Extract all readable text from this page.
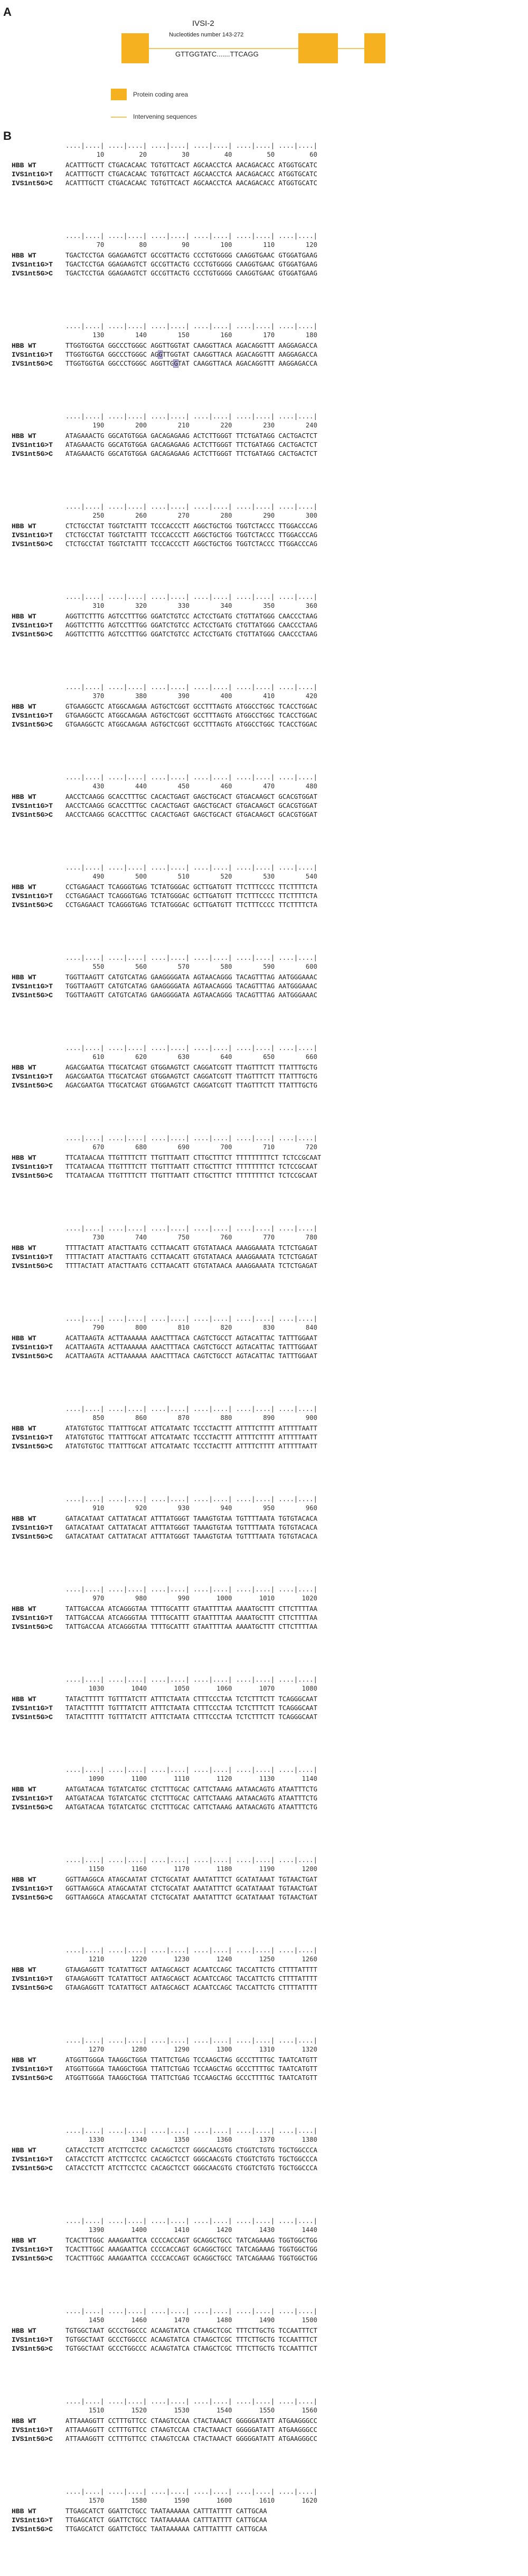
A
IVSI-2
Nucleotides number 143-272
GTTGGTATC.......TTCAGG
Protein coding area
Intervening sequences
B
....|....| ....|....| ....|....| ....|....| ....|....| ....|....|
10         20         30         40         50         60
HBB WT	ACATTTGCTT CTGACACAAC TGTGTTCACT AGCAACCTCA AACAGACACC ATGGTGCATC
IVS1nt1G>T ACATTTGCTT CTGACACAAC TGTGTTCACT AGCAACCTCA AACAGACACC ATGGTGCATC
IVS1nt5G>C ACATTTGCTT CTGACACAAC TGTGTTCACT AGCAACCTCA AACAGACACC ATGGTGCATC
....|....| ....|....| ....|....| ....|....| ....|....| ....|....|
70         80         90        100        110        120
HBB WT	TGACTCCTGA GGAGAAGTCT GCCGTTACTG CCCTGTGGGG CAAGGTGAAC GTGGATGAAG
IVS1nt1G>T TGACTCCTGA GGAGAAGTCT GCCGTTACTG CCCTGTGGGG CAAGGTGAAC GTGGATGAAG
IVS1nt5G>C TGACTCCTGA GGAGAAGTCT GCCGTTACTG CCCTGTGGGG CAAGGTGAAC GTGGATGAAG
....|....| ....|....| ....|....| ....|....| ....|....| ....|....|
130        140        150        160        170        180
HBB WT	TTGGTGGTGA GGCCCTGGGC AGGTTGGTAT CAAGGTTACA AGACAGGTTT AAGGAGACCA
IVS1nt1G>T TTGGTGGTGA GGCCCTGGGC AGGTTGGTAT CAAGGTTACA AGACAGGTTT AAGGAGACCA
IVS1nt5G>C TTGGTGGTGA GGCCCTGGGC AGGTTGGTAT CAAGGTTACA AGACAGGTTT AAGGAGACCA
....|....| ....|....| ....|....| ....|....| ....|....| ....|....|
190        200        210        220        230        240
HBB WT	ATAGAAACTG GGCATGTGGA GACAGAGAAG ACTCTTGGGT TTCTGATAGG CACTGACTCT
IVS1nt1G>T ATAGAAACTG GGCATGTGGA GACAGAGAAG ACTCTTGGGT TTCTGATAGG CACTGACTCT
IVS1nt5G>C ATAGAAACTG GGCATGTGGA GACAGAGAAG ACTCTTGGGT TTCTGATAGG CACTGACTCT
....|....| ....|....| ....|....| ....|....| ....|....| ....|....|
250        260        270        280        290        300
HBB WT	CTCTGCCTAT TGGTCTATTT TCCCACCCTT AGGCTGCTGG TGGTCTACCC TTGGACCCAG
IVS1nt1G>T CTCTGCCTAT TGGTCTATTT TCCCACCCTT AGGCTGCTGG TGGTCTACCC TTGGACCCAG
IVS1nt5G>C CTCTGCCTAT TGGTCTATTT TCCCACCCTT AGGCTGCTGG TGGTCTACCC TTGGACCCAG
....|....| ....|....| ....|....| ....|....| ....|....| ....|....|
310        320        330        340        350        360
HBB WT	AGGTTCTTTG AGTCCTTTGG GGATCTGTCC ACTCCTGATG CTGTTATGGG CAACCCTAAG
IVS1nt1G>T AGGTTCTTTG AGTCCTTTGG GGATCTGTCC ACTCCTGATG CTGTTATGGG CAACCCTAAG
IVS1nt5G>C AGGTTCTTTG AGTCCTTTGG GGATCTGTCC ACTCCTGATG CTGTTATGGG CAACCCTAAG
....|....| ....|....| ....|....| ....|....| ....|....| ....|....|
370        380        390        400        410        420
HBB WT	GTGAAGGCTC ATGGCAAGAA AGTGCTCGGT GCCTTTAGTG ATGGCCTGGC TCACCTGGAC
IVS1nt1G>T GTGAAGGCTC ATGGCAAGAA AGTGCTCGGT GCCTTTAGTG ATGGCCTGGC TCACCTGGAC
IVS1nt5G>C GTGAAGGCTC ATGGCAAGAA AGTGCTCGGT GCCTTTAGTG ATGGCCTGGC TCACCTGGAC
....|....| ....|....| ....|....| ....|....| ....|....| ....|....|
430        440        450        460        470        480
HBB WT	AACCTCAAGG GCACCTTTGC CACACTGAGT GAGCTGCACT GTGACAAGCT GCACGTGGAT
IVS1nt1G>T AACCTCAAGG GCACCTTTGC CACACTGAGT GAGCTGCACT GTGACAAGCT GCACGTGGAT
IVS1nt5G>C AACCTCAAGG GCACCTTTGC CACACTGAGT GAGCTGCACT GTGACAAGCT GCACGTGGAT
....|....| ....|....| ....|....| ....|....| ....|....| ....|....|
490        500        510        520        530        540
HBB WT	CCTGAGAACT TCAGGGTGAG TCTATGGGAC GCTTGATGTT TTCTTTCCCC TTCTTTTCTA
IVS1nt1G>T CCTGAGAACT TCAGGGTGAG TCTATGGGAC GCTTGATGTT TTCTTTCCCC TTCTTTTCTA
IVS1nt5G>C CCTGAGAACT TCAGGGTGAG TCTATGGGAC GCTTGATGTT TTCTTTCCCC TTCTTTTCTA
....|....| ....|....| ....|....| ....|....| ....|....| ....|....|
550        560        570        580        590        600
HBB WT	TGGTTAAGTT CATGTCATAG GAAGGGGATA AGTAACAGGG TACAGTTTAG AATGGGAAAC
IVS1nt1G>T TGGTTAAGTT CATGTCATAG GAAGGGGATA AGTAACAGGG TACAGTTTAG AATGGGAAAC
IVS1nt5G>C TGGTTAAGTT CATGTCATAG GAAGGGGATA AGTAACAGGG TACAGTTTAG AATGGGAAAC
....|....| ....|....| ....|....| ....|....| ....|....| ....|....|
610        620        630        640        650        660
HBB WT	AGACGAATGA TTGCATCAGT GTGGAAGTCT CAGGATCGTT TTAGTTTCTT TTATTTGCTG
IVS1nt1G>T AGACGAATGA TTGCATCAGT GTGGAAGTCT CAGGATCGTT TTAGTTTCTT TTATTTGCTG
IVS1nt5G>C AGACGAATGA TTGCATCAGT GTGGAAGTCT CAGGATCGTT TTAGTTTCTT TTATTTGCTG
....|....| ....|....| ....|....| ....|....| ....|....| ....|....|
670        680        690        700        710        720
HBB WT	TTCATAACAA TTGTTTTCTT TTGTTTAATT CTTGCTTTCT TTTTTTTTTCT TCTCCGCAAT
IVS1nt1G>T TTCATAACAA TTGTTTTCTT TTGTTTAATT CTTGCTTTCT TTTTTTTTCT TCTCCGCAAT
IVS1nt5G>C TTCATAACAA TTGTTTTCTT TTGTTTAATT CTTGCTTTCT TTTTTTTTCT TCTCCGCAAT
....|....| ....|....| ....|....| ....|....| ....|....| ....|....|
730        740        750        760        770        780
HBB WT	TTTTACTATT ATACTTAATG CCTTAACATT GTGTATAACA AAAGGAAATA TCTCTGAGAT
IVS1nt1G>T TTTTACTATT ATACTTAATG CCTTAACATT GTGTATAACA AAAGGAAATA TCTCTGAGAT
IVS1nt5G>C TTTTACTATT ATACTTAATG CCTTAACATT GTGTATAACA AAAGGAAATA TCTCTGAGAT
....|....| ....|....| ....|....| ....|....| ....|....| ....|....|
790        800        810        820        830        840
HBB WT	ACATTAAGTA ACTTAAAAAA AAACTTTACA CAGTCTGCCT AGTACATTAC TATTTGGAAT
IVS1nt1G>T ACATTAAGTA ACTTAAAAAA AAACTTTACA CAGTCTGCCT AGTACATTAC TATTTGGAAT
IVS1nt5G>C ACATTAAGTA ACTTAAAAAA AAACTTTACA CAGTCTGCCT AGTACATTAC TATTTGGAAT
....|....| ....|....| ....|....| ....|....| ....|....| ....|....|
850        860        870        880        890        900
HBB WT	ATATGTGTGC TTATTTGCAT ATTCATAATC TCCCTACTTT ATTTTCTTTT ATTTTTAATT
IVS1nt1G>T ATATGTGTGC TTATTTGCAT ATTCATAATC TCCCTACTTT ATTTTCTTTT ATTTTTAATT
IVS1nt5G>C ATATGTGTGC TTATTTGCAT ATTCATAATC TCCCTACTTT ATTTTCTTTT ATTTTTAATT
....|....| ....|....| ....|....| ....|....| ....|....| ....|....|
910        920        930        940        950        960
HBB WT	GATACATAAT CATTATACAT ATTTATGGGT TAAAGTGTAA TGTTTTAATA TGTGTACACA
IVS1nt1G>T GATACATAAT CATTATACAT ATTTATGGGT TAAAGTGTAA TGTTTTAATA TGTGTACACA
IVS1nt5G>C GATACATAAT CATTATACAT ATTTATGGGT TAAAGTGTAA TGTTTTAATA TGTGTACACA
....|....| ....|....| ....|....| ....|....| ....|....| ....|....|
970        980        990       1000       1010       1020
HBB WT	TATTGACCAA ATCAGGGTAA TTTTGCATTT GTAATTTTAA AAAATGCTTT CTTCTTTTAA
IVS1nt1G>T TATTGACCAA ATCAGGGTAA TTTTGCATTT GTAATTTTAA AAAATGCTTT CTTCTTTTAA
IVS1nt5G>C TATTGACCAA ATCAGGGTAA TTTTGCATTT GTAATTTTAA AAAATGCTTT CTTCTTTTAA
....|....| ....|....| ....|....| ....|....| ....|....| ....|....|
1030       1040       1050       1060       1070       1080
HBB WT	TATACTTTTT TGTTTATCTT ATTTCTAATA CTTTCCCTAA TCTCTTTCTT TCAGGGCAAT
IVS1nt1G>T TATACTTTTT TGTTTATCTT ATTTCTAATA CTTTCCCTAA TCTCTTTCTT TCAGGGCAAT
IVS1nt5G>C TATACTTTTT TGTTTATCTT ATTTCTAATA CTTTCCCTAA TCTCTTTCTT TCAGGGCAAT
....|....| ....|....| ....|....| ....|....| ....|....| ....|....|
1090       1100       1110       1120       1130       1140
HBB WT	AATGATACAA TGTATCATGC CTCTTTGCAC CATTCTAAAG AATAACAGTG ATAATTTCTG
IVS1nt1G>T AATGATACAA TGTATCATGC CTCTTTGCAC CATTCTAAAG AATAACAGTG ATAATTTCTG
IVS1nt5G>C AATGATACAA TGTATCATGC CTCTTTGCAC CATTCTAAAG AATAACAGTG ATAATTTCTG
....|....| ....|....| ....|....| ....|....| ....|....| ....|....|
1150       1160       1170       1180       1190       1200
HBB WT	GGTTAAGGCA ATAGCAATAT CTCTGCATAT AAATATTTCT GCATATAAAT TGTAACTGAT
IVS1nt1G>T GGTTAAGGCA ATAGCAATAT CTCTGCATAT AAATATTTCT GCATATAAAT TGTAACTGAT
IVS1nt5G>C GGTTAAGGCA ATAGCAATAT CTCTGCATAT AAATATTTCT GCATATAAAT TGTAACTGAT
....|....| ....|....| ....|....| ....|....| ....|....| ....|....|
1210       1220       1230       1240       1250       1260
HBB WT	GTAAGAGGTT TCATATTGCT AATAGCAGCT ACAATCCAGC TACCATTCTG CTTTTATTTT
IVS1nt1G>T GTAAGAGGTT TCATATTGCT AATAGCAGCT ACAATCCAGC TACCATTCTG CTTTTATTTT
IVS1nt5G>C GTAAGAGGTT TCATATTGCT AATAGCAGCT ACAATCCAGC TACCATTCTG CTTTTATTTT
....|....| ....|....| ....|....| ....|....| ....|....| ....|....|
1270       1280       1290       1300       1310       1320
HBB WT	ATGGTTGGGA TAAGGCTGGA TTATTCTGAG TCCAAGCTAG GCCCTTTTGC TAATCATGTT
IVS1nt1G>T ATGGTTGGGA TAAGGCTGGA TTATTCTGAG TCCAAGCTAG GCCCTTTTGC TAATCATGTT
IVS1nt5G>C ATGGTTGGGA TAAGGCTGGA TTATTCTGAG TCCAAGCTAG GCCCTTTTGC TAATCATGTT
....|....| ....|....| ....|....| ....|....| ....|....| ....|....|
1330       1340       1350       1360       1370       1380
HBB WT	CATACCTCTT ATCTTCCTCC CACAGCTCCT GGGCAACGTG CTGGTCTGTG TGCTGGCCCA
IVS1nt1G>T CATACCTCTT ATCTTCCTCC CACAGCTCCT GGGCAACGTG CTGGTCTGTG TGCTGGCCCA
IVS1nt5G>C CATACCTCTT ATCTTCCTCC CACAGCTCCT GGGCAACGTG CTGGTCTGTG TGCTGGCCCA
....|....| ....|....| ....|....| ....|....| ....|....| ....|....|
1390       1400       1410       1420       1430       1440
HBB WT	TCACTTTGGC AAAGAATTCA CCCCACCAGT GCAGGCTGCC TATCAGAAAG TGGTGGCTGG
IVS1nt1G>T TCACTTTGGC AAAGAATTCA CCCCACCAGT GCAGGCTGCC TATCAGAAAG TGGTGGCTGG
IVS1nt5G>C TCACTTTGGC AAAGAATTCA CCCCACCAGT GCAGGCTGCC TATCAGAAAG TGGTGGCTGG
....|....| ....|....| ....|....| ....|....| ....|....| ....|....|
1450       1460       1470       1480       1490       1500
HBB WT	TGTGGCTAAT GCCCTGGCCC ACAAGTATCA CTAAGCTCGC TTTCTTGCTG TCCAATTTCT
IVS1nt1G>T TGTGGCTAAT GCCCTGGCCC ACAAGTATCA CTAAGCTCGC TTTCTTGCTG TCCAATTTCT
IVS1nt5G>C TGTGGCTAAT GCCCTGGCCC ACAAGTATCA CTAAGCTCGC TTTCTTGCTG TCCAATTTCT
....|....| ....|....| ....|....| ....|....| ....|....| ....|....|
1510       1520       1530       1540       1550       1560
HBB WT	ATTAAAGGTT CCTTTGTTCC CTAAGTCCAA CTACTAAACT GGGGGATATT ATGAAGGGCC
IVS1nt1G>T ATTAAAGGTT CCTTTGTTCC CTAAGTCCAA CTACTAAACT GGGGGATATT ATGAAGGGCC
IVS1nt5G>C ATTAAAGGTT CCTTTGTTCC CTAAGTCCAA CTACTAAACT GGGGGATATT ATGAAGGGCC
....|....| ....|....| ....|....| ....|....| ....|....| ....|....|
1570       1580       1590       1600       1610       1620
HBB WT	TTGAGCATCT GGATTCTGCC TAATAAAAAA CATTTATTTT CATTGCAA
IVS1nt1G>T TTGAGCATCT GGATTCTGCC TAATAAAAAA CATTTATTTT CATTGCAA
IVS1nt5G>C TTGAGCATCT GGATTCTGCC TAATAAAAAA CATTTATTTT CATTGCAA
